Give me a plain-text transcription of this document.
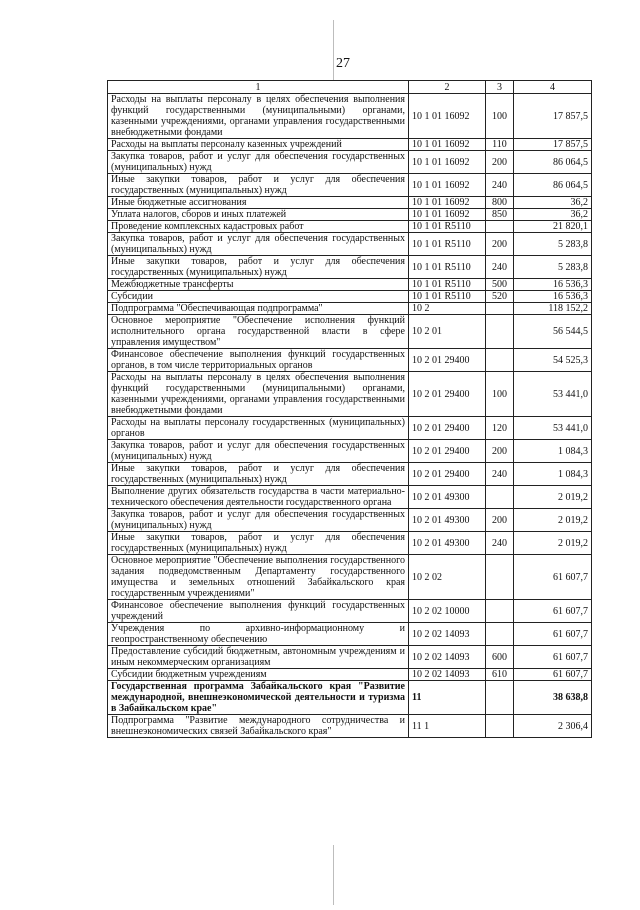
27
1	2	3	4
Расходы на выплаты персоналу в целях обеспечения выполнения функций государственными (муниципальными) органами, казенными учреждениями, органами управления государственными внебюджетными фондами	10 1 01 16092	100	17 857,5
Расходы на выплаты персоналу казенных учреждений	10 1 01 16092	110	17 857,5
Закупка товаров, работ и услуг для обеспечения государственных (муниципальных) нужд	10 1 01 16092	200	86 064,5
Иные закупки товаров, работ и услуг для обеспечения государственных (муниципальных) нужд	10 1 01 16092	240	86 064,5
Иные бюджетные ассигнования	10 1 01 16092	800	36,2
Уплата налогов, сборов и иных платежей	10 1 01 16092	850	36,2
Проведение комплексных кадастровых работ	10 1 01 R5110		21 820,1
Закупка товаров, работ и услуг для обеспечения государственных (муниципальных) нужд	10 1 01 R5110	200	5 283,8
Иные закупки товаров, работ и услуг для обеспечения государственных (муниципальных) нужд	10 1 01 R5110	240	5 283,8
Межбюджетные трансферты	10 1 01 R5110	500	16 536,3
Субсидии	10 1 01 R5110	520	16 536,3
Подпрограмма "Обеспечивающая подпрограмма"	10 2		118 152,2
Основное мероприятие "Обеспечение исполнения функций исполнительного органа государственной власти в сфере управления имуществом"	10 2 01		56 544,5
Финансовое обеспечение выполнения функций государственных органов, в том числе территориальных органов	10 2 01 29400		54 525,3
Расходы на выплаты персоналу в целях обеспечения выполнения функций государственными (муниципальными) органами, казенными учреждениями, органами управления государственными внебюджетными фондами	10 2 01 29400	100	53 441,0
Расходы на выплаты персоналу государственных (муниципальных) органов	10 2 01 29400	120	53 441,0
Закупка товаров, работ и услуг для обеспечения государственных (муниципальных) нужд	10 2 01 29400	200	1 084,3
Иные закупки товаров, работ и услуг для обеспечения государственных (муниципальных) нужд	10 2 01 29400	240	1 084,3
Выполнение других обязательств государства в части материально-технического обеспечения деятельности государственного органа	10 2 01 49300		2 019,2
Закупка товаров, работ и услуг для обеспечения государственных (муниципальных) нужд	10 2 01 49300	200	2 019,2
Иные закупки товаров, работ и услуг для обеспечения государственных (муниципальных) нужд	10 2 01 49300	240	2 019,2
Основное мероприятие "Обеспечение выполнения государственного задания подведомственным Департаменту государственного имущества и земельных отношений Забайкальского края государственным учреждениями"	10 2 02		61 607,7
Финансовое обеспечение выполнения функций государственных учреждений	10 2 02 10000		61 607,7
Учреждения по архивно-информационному и геопространственному обеспечению	10 2 02 14093		61 607,7
Предоставление субсидий бюджетным, автономным учреждениям и иным некоммерческим организациям	10 2 02 14093	600	61 607,7
Субсидии бюджетным учреждениям	10 2 02 14093	610	61 607,7
Государственная программа Забайкальского края "Развитие международной, внешнеэкономической деятельности и туризма в Забайкальском крае"	11		38 638,8
Подпрограмма "Развитие международного сотрудничества и внешнеэкономических связей Забайкальского края"	11 1		2 306,4
